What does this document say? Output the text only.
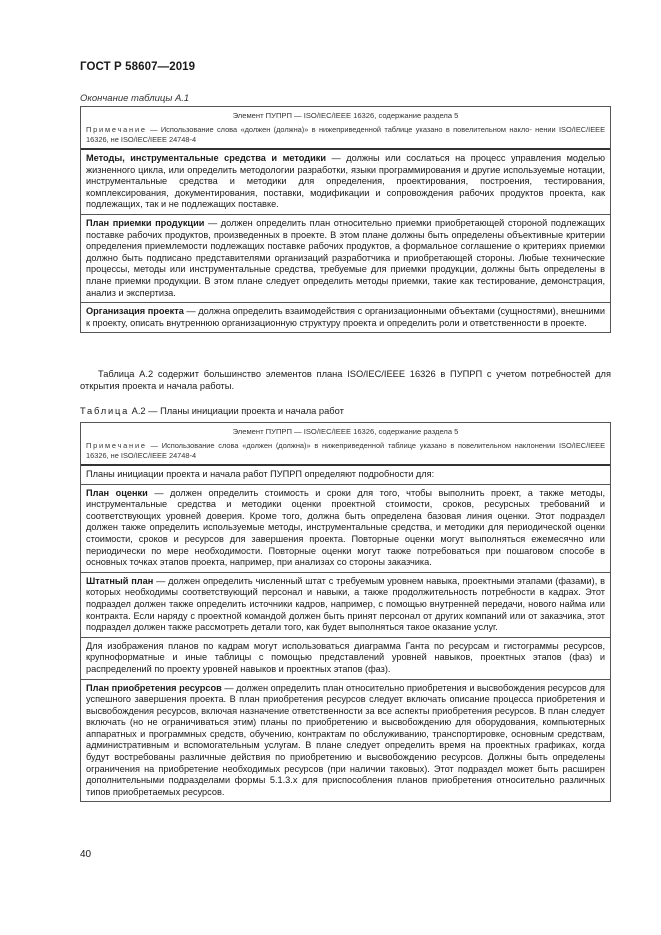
ГОСТ Р 58607—2019
Окончание таблицы А.1
Элемент ПУПРП — ISO/IEC/IEEE 16326, содержание раздела 5
Примечание — Использование слова «должен (должна)» в нижеприведенной таблице указано в повелительном накло- нении ISO/IEC/IEEE 16326, не ISO/IEC/IEEE 24748-4
Методы, инструментальные средства и методики — должны или сослаться на процесс управления моделью жизненного цикла, или определить методологии разработки, языки программирования и другие используемые нотации, инструментальные средства и методики для определения, проектирования, построения, тестирования, комплексирования, документирования, поставки, модификации и сопровождения рабочих продуктов проекта, как подлежащих, так и не подлежащих поставке.
План приемки продукции — должен определить план относительно приемки приобретающей стороной подлежащих поставке рабочих продуктов, произведенных в проекте. В этом плане должны быть определены объективные критерии определения приемлемости подлежащих поставке рабочих продуктов, а формальное соглашение о критериях приемки должно быть подписано представителями организаций разработчика и приобретающей стороны. Любые технические процессы, методы или инструментальные средства, требуемые для приемки продукции, должны быть определены в плане приемки продукции. В этом плане следует определить методы приемки, такие как тестирование, демонстрация, анализ и экспертиза.
Организация проекта — должна определить взаимодействия с организационными объектами (сущностями), внешними к проекту, описать внутреннюю организационную структуру проекта и определить роли и ответственности в проекте.
Таблица А.2 содержит большинство элементов плана ISO/IEC/IEEE 16326 в ПУПРП с учетом потребностей для открытия проекта и начала работы.
Таблица А.2 — Планы инициации проекта и начала работ
Элемент ПУПРП — ISO/IEC/IEEE 16326, содержание раздела 5
Примечание — Использование слова «должен (должна)» в нижеприведенной таблице указано в повелительном наклонении ISO/IEC/IEEE 16326, не ISO/IEC/IEEE 24748-4
Планы инициации проекта и начала работ ПУПРП определяют подробности для:
План оценки — должен определить стоимость и сроки для того, чтобы выполнить проект, а также методы, инструментальные средства и методики оценки проектной стоимости, сроков, ресурсных требований и соответствующих уровней доверия. Кроме того, должна быть определена базовая линия оценки. Этот подраздел должен также определить используемые методы, инструментальные средства, и методики для периодической оценки стоимости, сроков и ресурсов для завершения проекта. Повторные оценки могут выполняться ежемесячно или периодически по мере необходимости. Повторные оценки могут также потребоваться при пошаговом способе в основных точках этапов проекта, например, при анализах со стороны заказчика.
Штатный план — должен определить численный штат с требуемым уровнем навыка, проектными этапами (фазами), в которых необходимы соответствующий персонал и навыки, а также продолжительность потребности в кадрах. Этот подраздел должен также определить источники кадров, например, с помощью внутренней передачи, нового найма или контракта. Если наряду с проектной командой должен быть принят персонал от других компаний или от заказчика, этот подраздел должен также рассмотреть детали того, как будет выполняться такое оказание услуг.
Для изображения планов по кадрам могут использоваться диаграмма Ганта по ресурсам и гистограммы ресурсов, крупноформатные и иные таблицы с помощью представлений уровней навыков, проектных этапов (фаз) и распределений по проекту уровней навыков и проектных этапов (фаз).
План приобретения ресурсов — должен определить план относительно приобретения и высвобождения ресурсов для успешного завершения проекта. В план приобретения ресурсов следует включать описание процесса приобретения и высвобождения ресурсов, включая назначение ответственности за все аспекты приобретения ресурсов. В план следует включать (но не ограничиваться этим) планы по приобретению и высвобождению для оборудования, компьютерных аппаратных и программных средств, обучению, контрактам по обслуживанию, транспортировке, основным средствам, административным и вспомогательным услугам. В плане следует определить время на проектных графиках, когда будут востребованы различные действия по приобретению и высвобождению ресурсов. Должны быть определены ограничения на приобретение необходимых ресурсов (при наличии таковых). Этот подраздел может быть расширен дополнительными подразделами формы 5.1.3.х для приспособления планов приобретения относительно различных типов приобретаемых ресурсов.
40
